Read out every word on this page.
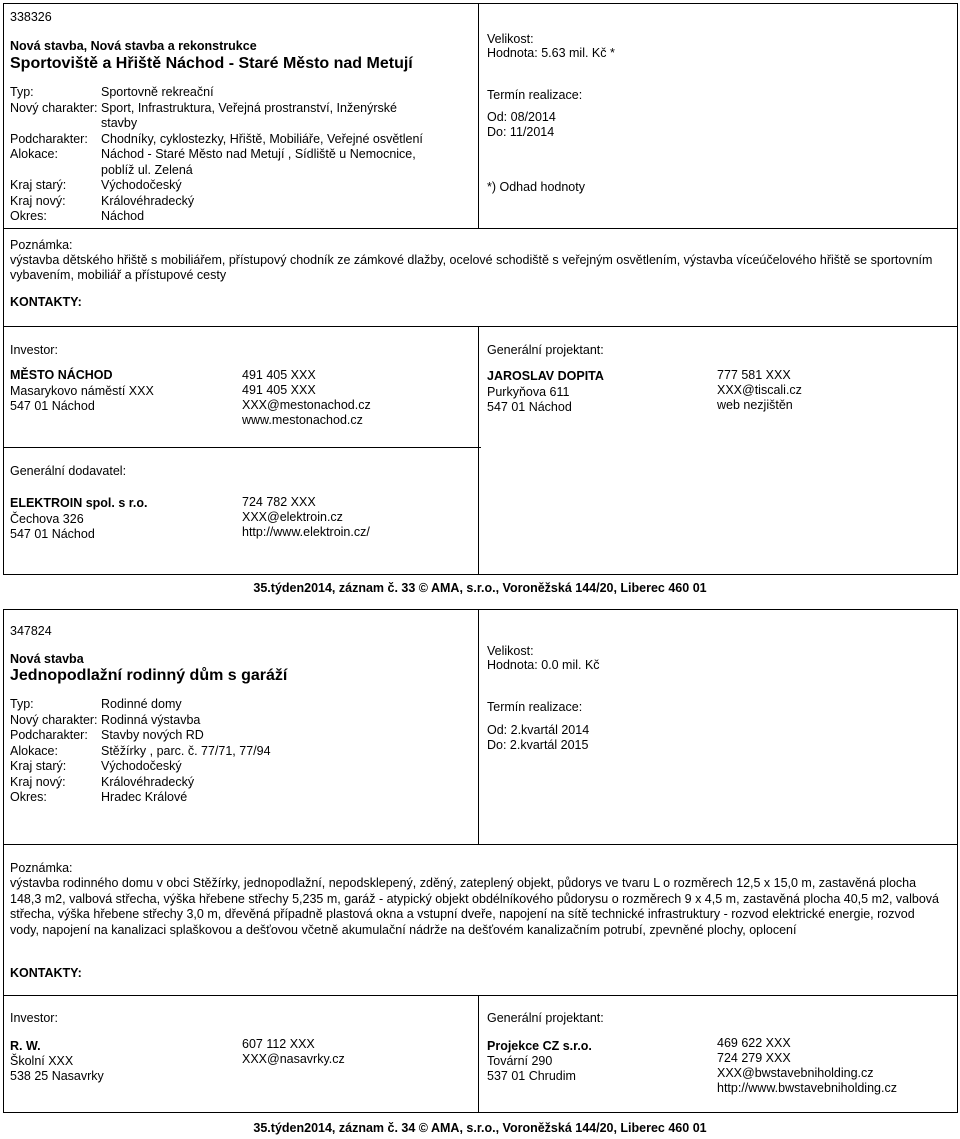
338326
Nová stavba, Nová stavba a rekonstrukce
Sportoviště a Hřiště Náchod - Staré Město nad Metují
Typ:	Sportovně rekreační
Nový charakter: Sport, Infrastruktura, Veřejná prostranství, Inženýrské
stavby
Podcharakter: Chodníky, cyklostezky, Hřiště, Mobiliáře, Veřejné osvětlení
Alokace:	Náchod - Staré Město nad Metují , Sídliště u Nemocnice,
poblíž ul. Zelená
Kraj starý:	Východočeský
Kraj nový:	Královéhradecký
Okres:	Náchod
Velikost:
Hodnota: 5.63 mil. Kč *
Termín realizace:
Od: 08/2014
Do: 11/2014
*) Odhad hodnoty
Poznámka:
výstavba dětského hřiště s mobiliářem, přístupový chodník ze zámkové dlažby, ocelové schodiště s veřejným osvětlením, výstavba víceúčelového hřiště se sportovním vybavením, mobiliář a přístupové cesty
KONTAKTY:
Investor:
MĚSTO NÁCHOD
Masarykovo náměstí XXX
547 01 Náchod
491 405 XXX
491 405 XXX
XXX@mestonachod.cz
www.mestonachod.cz
Generální projektant:
JAROSLAV DOPITA
Purkyňova 611
547 01 Náchod
777 581 XXX
XXX@tiscali.cz
web nezjištěn
Generální dodavatel:
ELEKTROIN spol. s r.o.
Čechova 326
547 01 Náchod
724 782 XXX
XXX@elektroin.cz
http://www.elektroin.cz/
35.týden2014, záznam č. 33 © AMA, s.r.o., Voroněžská 144/20, Liberec 460 01
347824
Nová stavba
Jednopodlažní rodinný dům s garáží
Typ:	Rodinné domy
Nový charakter: Rodinná výstavba
Podcharakter: Stavby nových RD
Alokace:	Stěžírky , parc. č. 77/71, 77/94
Kraj starý:	Východočeský
Kraj nový:	Královéhradecký
Okres:	Hradec Králové
Velikost:
Hodnota: 0.0 mil. Kč
Termín realizace:
Od: 2.kvartál 2014
Do: 2.kvartál 2015
Poznámka:
výstavba rodinného domu v obci Stěžírky, jednopodlažní, nepodsklepený, zděný, zateplený objekt, půdorys ve tvaru L o rozměrech 12,5 x 15,0 m, zastavěná plocha 148,3 m2, valbová střecha, výška hřebene střechy 5,235 m, garáž - atypický objekt obdélníkového půdorysu o rozměrech 9 x 4,5 m, zastavěná plocha 40,5 m2, valbová střecha, výška hřebene střechy 3,0 m, dřevěná případně plastová okna a vstupní dveře, napojení na sítě technické infrastruktury - rozvod elektrické energie, rozvod vody, napojení na kanalizaci splaškovou a dešťovou včetně akumulační nádrže na dešťovém kanalizačním potrubí, zpevněné plochy, oplocení
KONTAKTY:
Investor:
R. W.
Školní XXX
538 25 Nasavrky
607 112 XXX
XXX@nasavrky.cz
Generální projektant:
Projekce CZ s.r.o.
Tovární 290
537 01 Chrudim
469 622 XXX
724 279 XXX
XXX@bwstavebniholding.cz
http://www.bwstavebniholding.cz
35.týden2014, záznam č. 34 © AMA, s.r.o., Voroněžská 144/20, Liberec 460 01
